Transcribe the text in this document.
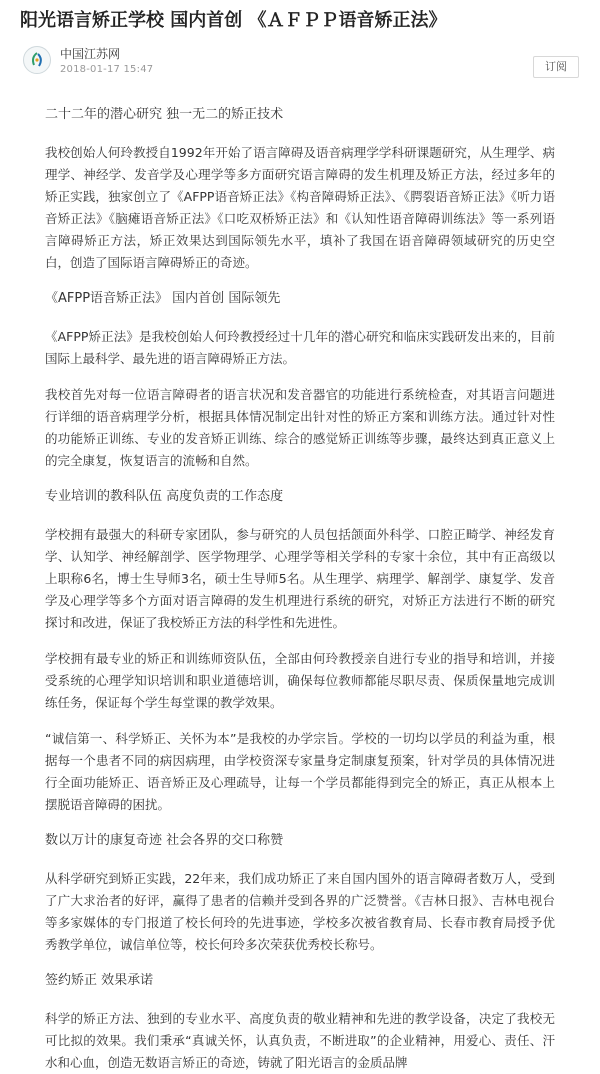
阳光语言矫正学校 国内首创 《ＡＦＰＰ语音矫正法》
中国江苏网
2018-01-17 15:47	订阅
二十二年的潜心研究 独一无二的矫正技术
我校创始人何玲教授自1992年开始了语言障碍及语音病理学学科研课题研究，从生理学、病理学、神经学、发音学及心理学等多方面研究语言障碍的发生机理及矫正方法，经过多年的矫正实践，独家创立了《AFPP语音矫正法》《构音障碍矫正法》、《腭裂语音矫正法》《听力语音矫正法》《脑瘫语音矫正法》《口吃双桥矫正法》和《认知性语音障碍训练法》等一系列语言障碍矫正方法，矫正效果达到国际领先水平，填补了我国在语音障碍领域研究的历史空白，创造了国际语言障碍矫正的奇迹。
《AFPP语音矫正法》 国内首创 国际领先
《AFPP矫正法》是我校创始人何玲教授经过十几年的潜心研究和临床实践研发出来的，目前国际上最科学、最先进的语言障碍矫正方法。
我校首先对每一位语言障碍者的语言状况和发音器官的功能进行系统检查，对其语言问题进行详细的语音病理学分析，根据具体情况制定出针对性的矫正方案和训练方法。通过针对性的功能矫正训练、专业的发音矫正训练、综合的感觉矫正训练等步骤，最终达到真正意义上的完全康复，恢复语言的流畅和自然。
专业培训的教科队伍 高度负责的工作态度
学校拥有最强大的科研专家团队，参与研究的人员包括颌面外科学、口腔正畸学、神经发育学、认知学、神经解剖学、医学物理学、心理学等相关学科的专家十余位，其中有正高级以上职称6名，博士生导师3名，硕士生导师5名。从生理学、病理学、解剖学、康复学、发音学及心理学等多个方面对语言障碍的发生机理进行系统的研究，对矫正方法进行不断的研究探讨和改进，保证了我校矫正方法的科学性和先进性。
学校拥有最专业的矫正和训练师资队伍，全部由何玲教授亲自进行专业的指导和培训，并接受系统的心理学知识培训和职业道德培训，确保每位教师都能尽职尽责、保质保量地完成训练任务，保证每个学生每堂课的教学效果。
“诚信第一、科学矫正、关怀为本”是我校的办学宗旨。学校的一切均以学员的利益为重，根据每一个患者不同的病因病理，由学校资深专家量身定制康复预案，针对学员的具体情况进行全面功能矫正、语音矫正及心理疏导，让每一个学员都能得到完全的矫正，真正从根本上摆脱语音障碍的困扰。
数以万计的康复奇迹 社会各界的交口称赞
从科学研究到矫正实践，22年来，我们成功矫正了来自国内国外的语言障碍者数万人，受到了广大求治者的好评，赢得了患者的信赖并受到各界的广泛赞誉。《吉林日报》、吉林电视台等多家媒体的专门报道了校长何玲的先进事迹，学校多次被省教育局、长春市教育局授予优秀教学单位，诚信单位等，校长何玲多次荣获优秀校长称号。
签约矫正 效果承诺
科学的矫正方法、独到的专业水平、高度负责的敬业精神和先进的教学设备，决定了我校无可比拟的效果。我们秉承“真诚关怀，认真负责，不断进取”的企业精神，用爱心、责任、汗水和心血，创造无数语言矫正的奇迹，铸就了阳光语言的金质品牌
